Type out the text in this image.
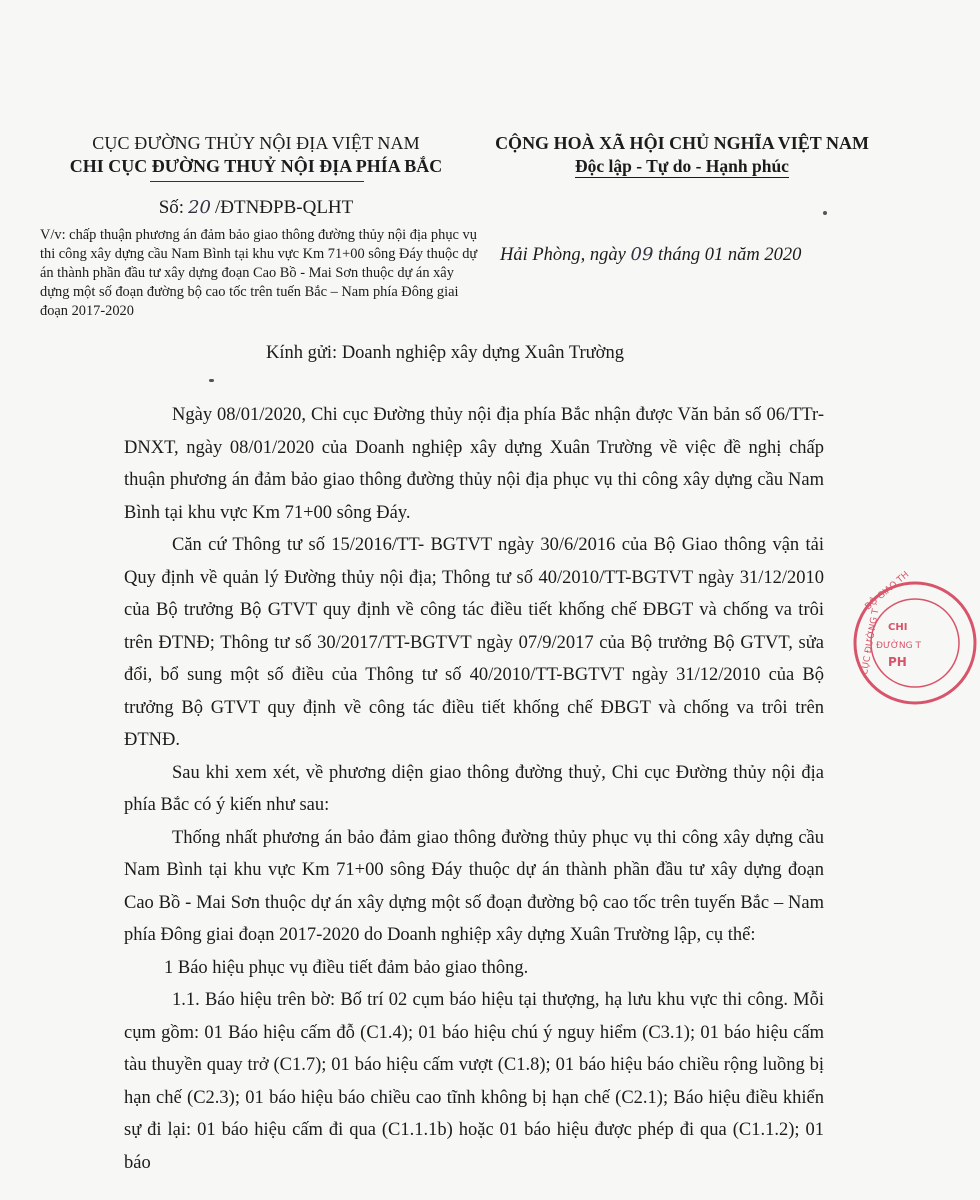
CỤC ĐƯỜNG THỦY NỘI ĐỊA VIỆT NAM
CHI CỤC ĐƯỜNG THUỶ NỘI ĐỊA PHÍA BẮC
CỘNG HOÀ XÃ HỘI CHỦ NGHĨA VIỆT NAM
Độc lập - Tự do - Hạnh phúc
Số: 20 /ĐTNĐPB-QLHT
V/v: chấp thuận phương án đảm bảo giao thông đường thủy nội địa phục vụ thi công xây dựng cầu Nam Bình tại khu vực Km 71+00 sông Đáy thuộc dự án thành phần đầu tư xây dựng đoạn Cao Bồ - Mai Sơn thuộc dự án xây dựng một số đoạn đường bộ cao tốc trên tuến Bắc – Nam phía Đông giai đoạn 2017-2020
Hải Phòng, ngày 09 tháng 01 năm 2020
Kính gửi: Doanh nghiệp xây dựng Xuân Trường

Ngày 08/01/2020, Chi cục Đường thủy nội địa phía Bắc nhận được Văn bản số 06/TTr-DNXT, ngày 08/01/2020 của Doanh nghiệp xây dựng Xuân Trường về việc đề nghị chấp thuận phương án đảm bảo giao thông đường thủy nội địa phục vụ thi công xây dựng cầu Nam Bình tại khu vực Km 71+00 sông Đáy.

Căn cứ Thông tư số 15/2016/TT- BGTVT ngày 30/6/2016 của Bộ Giao thông vận tải Quy định về quản lý Đường thủy nội địa; Thông tư số 40/2010/TT-BGTVT ngày 31/12/2010 của Bộ trưởng Bộ GTVT quy định về công tác điều tiết khống chế ĐBGT và chống va trôi trên ĐTNĐ; Thông tư số 30/2017/TT-BGTVT ngày 07/9/2017 của Bộ trưởng Bộ GTVT, sửa đổi, bổ sung một số điều của Thông tư số 40/2010/TT-BGTVT ngày 31/12/2010 của Bộ trưởng Bộ GTVT quy định về công tác điều tiết khống chế ĐBGT và chống va trôi trên ĐTNĐ.

Sau khi xem xét, về phương diện giao thông đường thuỷ, Chi cục Đường thủy nội địa phía Bắc có ý kiến như sau:

Thống nhất phương án bảo đảm giao thông đường thủy phục vụ thi công xây dựng cầu Nam Bình tại khu vực Km 71+00 sông Đáy thuộc dự án thành phần đầu tư xây dựng đoạn Cao Bồ - Mai Sơn thuộc dự án xây dựng một số đoạn đường bộ cao tốc trên tuyến Bắc – Nam phía Đông giai đoạn 2017-2020 do Doanh nghiệp xây dựng Xuân Trường lập, cụ thể:

1 Báo hiệu phục vụ điều tiết đảm bảo giao thông.

1.1. Báo hiệu trên bờ: Bố trí 02 cụm báo hiệu tại thượng, hạ lưu khu vực thi công. Mỗi cụm gồm: 01 Báo hiệu cấm đỗ (C1.4); 01 báo hiệu chú ý nguy hiểm (C3.1); 01 báo hiệu cấm tàu thuyền quay trở (C1.7); 01 báo hiệu cấm vượt (C1.8); 01 báo hiệu báo chiều rộng luồng bị hạn chế (C2.3); 01 báo hiệu báo chiều cao tĩnh không bị hạn chế (C2.1); Báo hiệu điều khiển sự đi lại: 01 báo hiệu cấm đi qua (C1.1.1b) hoặc 01 báo hiệu được phép đi qua (C1.1.2); 01 báo

BỘ GIAO TH
CỤC ĐƯỜNG T CHI
ĐƯỜNG T
PH
